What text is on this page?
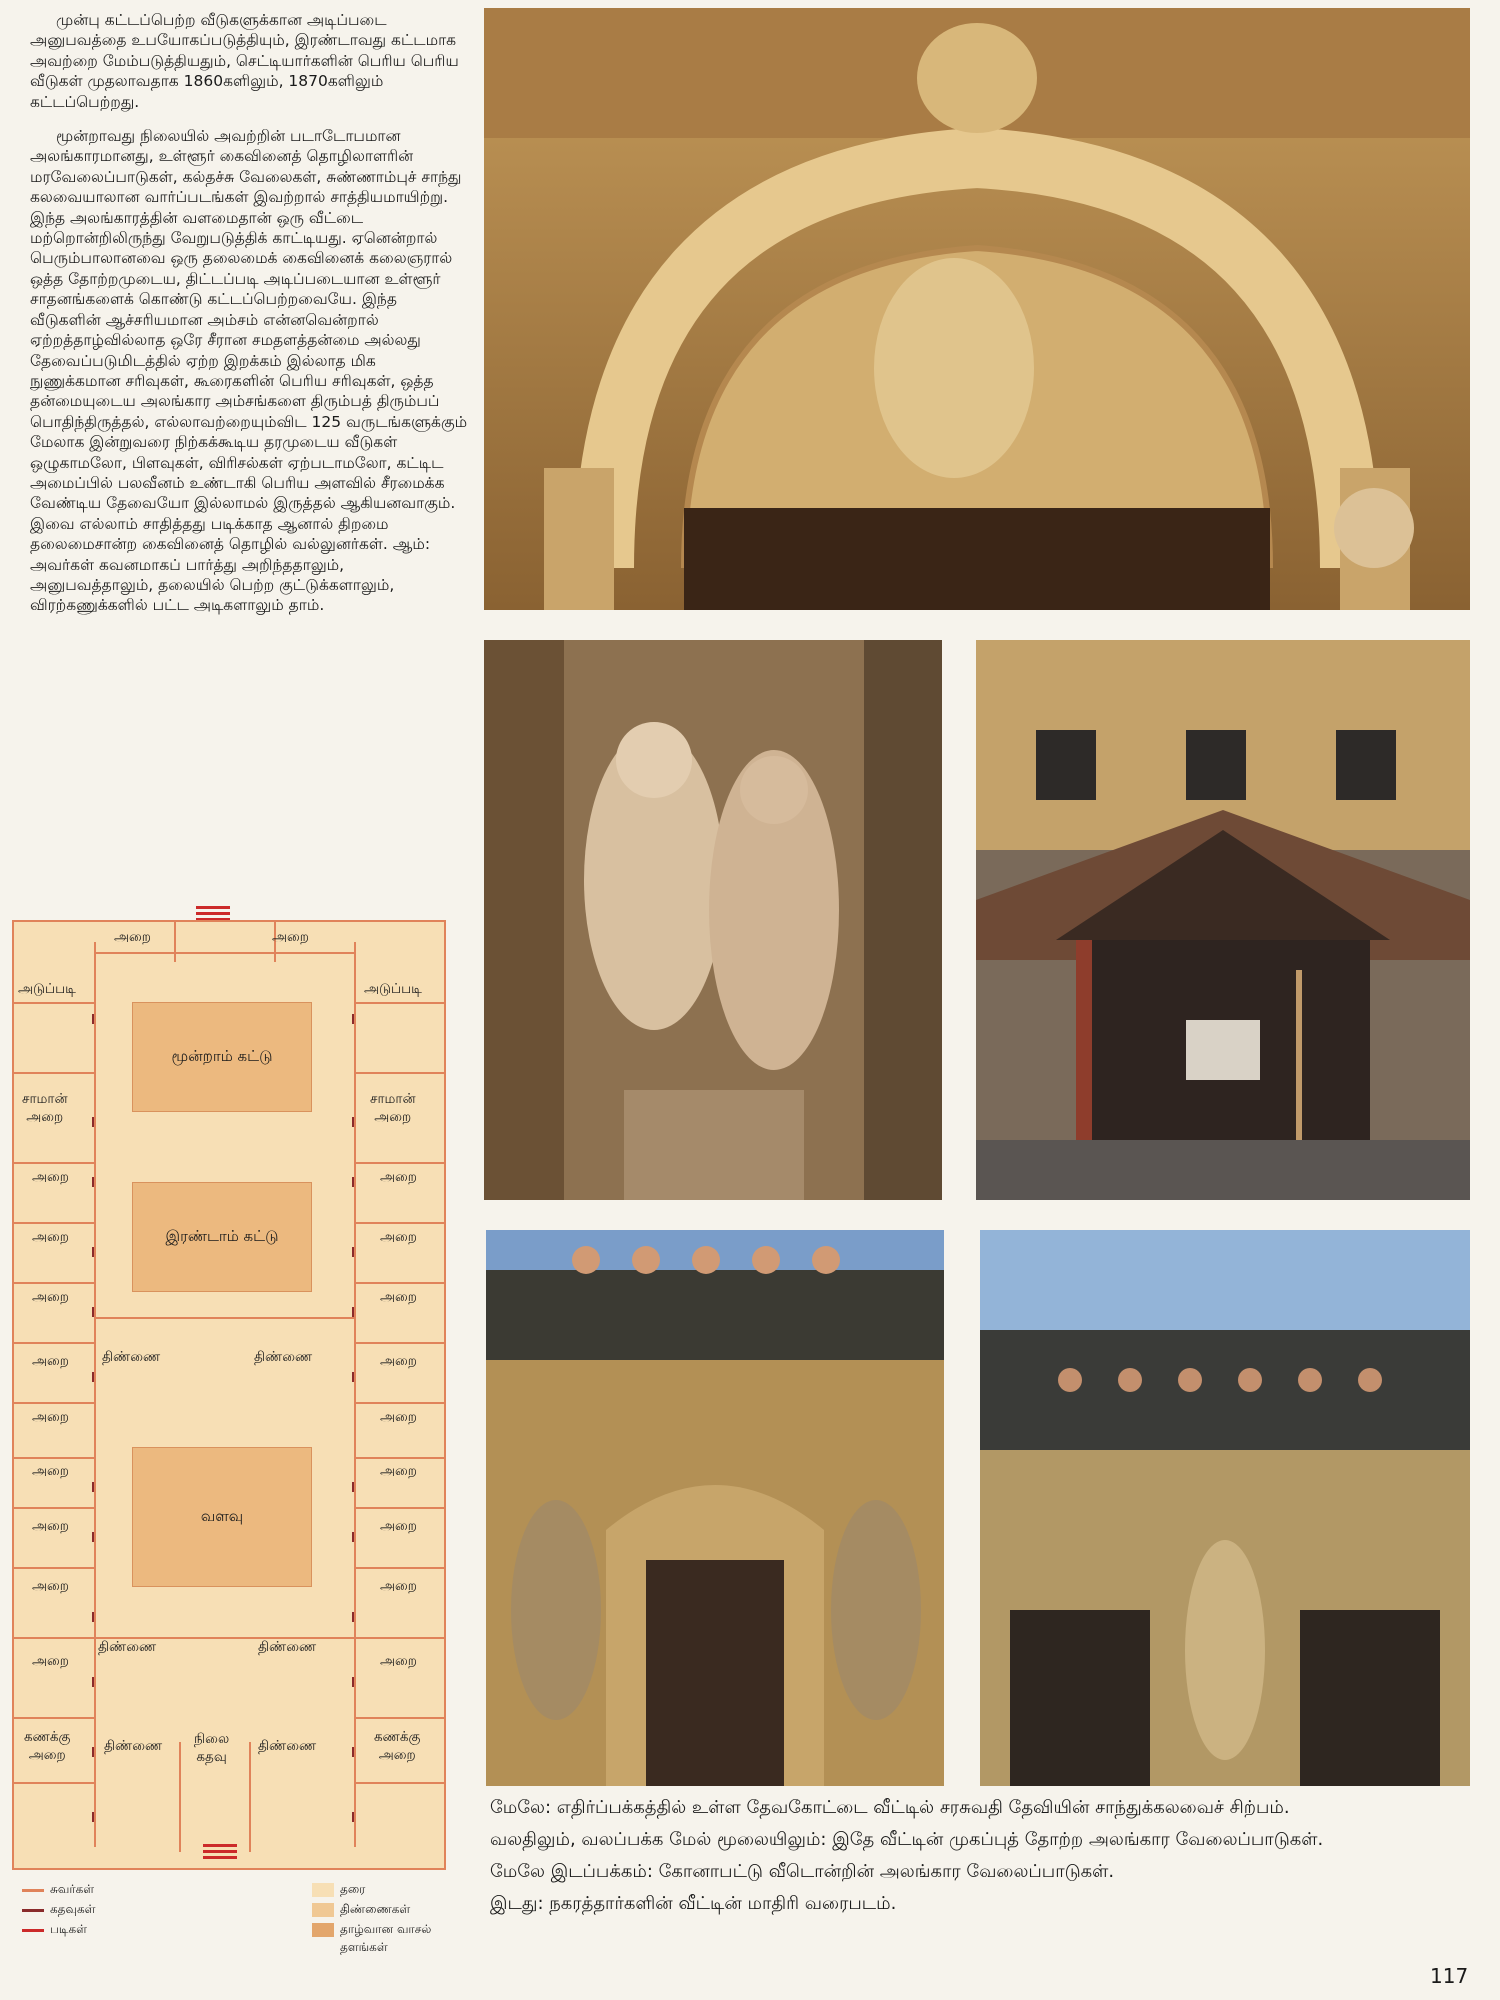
முன்பு கட்டப்பெற்ற வீடுகளுக்கான அடிப்படை அனுபவத்தை உபயோகப்படுத்தியும், இரண்டாவது கட்டமாக அவற்றை மேம்படுத்தியதும், செட்டியார்களின் பெரிய பெரிய வீடுகள் முதலாவதாக 1860களிலும், 1870களிலும் கட்டப்பெற்றது.

மூன்றாவது நிலையில் அவற்றின் படாடோபமான அலங்காரமானது, உள்ளூர் கைவினைத் தொழிலாளரின் மரவேலைப்பாடுகள், கல்தச்சு வேலைகள், சுண்ணாம்புச் சாந்து கலவையாலான வார்ப்படங்கள் இவற்றால் சாத்தியமாயிற்று. இந்த அலங்காரத்தின் வளமைதான் ஒரு வீட்டை மற்றொன்றிலிருந்து வேறுபடுத்திக் காட்டியது. ஏனென்றால் பெரும்பாலானவை ஒரு தலைமைக் கைவினைக் கலைஞரால் ஒத்த தோற்றமுடைய, திட்டப்படி அடிப்படையான உள்ளூர் சாதனங்களைக் கொண்டு கட்டப்பெற்றவையே. இந்த வீடுகளின் ஆச்சரியமான அம்சம் என்னவென்றால் ஏற்றத்தாழ்வில்லாத ஒரே சீரான சமதளத்தன்மை அல்லது தேவைப்படுமிடத்தில் ஏற்ற இறக்கம் இல்லாத மிக நுணுக்கமான சரிவுகள், கூரைகளின் பெரிய சரிவுகள், ஒத்த தன்மையுடைய அலங்கார அம்சங்களை திரும்பத் திரும்பப் பொதிந்திருத்தல், எல்லாவற்றையும்விட 125 வருடங்களுக்கும் மேலாக இன்றுவரை நிற்கக்கூடிய தரமுடைய வீடுகள் ஒழுகாமலோ, பிளவுகள், விரிசல்கள் ஏற்படாமலோ, கட்டிட அமைப்பில் பலவீனம் உண்டாகி பெரிய அளவில் சீரமைக்க வேண்டிய தேவையோ இல்லாமல் இருத்தல் ஆகியனவாகும். இவை எல்லாம் சாதித்தது படிக்காத ஆனால் திறமை தலைமைசான்ற கைவினைத் தொழில் வல்லுனர்கள். ஆம்: அவர்கள் கவனமாகப் பார்த்து அறிந்ததாலும், அனுபவத்தாலும், தலையில் பெற்ற குட்டுக்களாலும், விரற்கணுக்களில் பட்ட அடிகளாலும் தாம்.

மூன்றாம் கட்டு
இரண்டாம் கட்டு
வளவு
அறை	அறை
அடுப்படி	அடுப்படி
சாமான்
அறை
சாமான்
அறை
அறை	அறை
அறை	அறை
அறை	அறை
அறை	அறை
திண்ணை	திண்ணை
அறை	அறை
அறை	அறை
அறை	அறை
அறை	அறை
அறை	அறை
திண்ணை	திண்ணை
நிலை
கதவு
கணக்கு
அறை
கணக்கு
அறை
திண்ணை	திண்ணை
சுவர்கள்
கதவுகள்
படிகள்
தரை
திண்ணைகள்
தாழ்வான வாசல்
தளங்கள்

மேலே: எதிர்ப்பக்கத்தில் உள்ள தேவகோட்டை வீட்டில் சரசுவதி தேவியின் சாந்துக்கலவைச் சிற்பம்.

வலதிலும், வலப்பக்க மேல் மூலையிலும்: இதே வீட்டின் முகப்புத் தோற்ற அலங்கார வேலைப்பாடுகள்.

மேலே இடப்பக்கம்: கோனாபட்டு வீடொன்றின் அலங்கார வேலைப்பாடுகள்.

இடது: நகரத்தார்களின் வீட்டின் மாதிரி வரைபடம்.

117
